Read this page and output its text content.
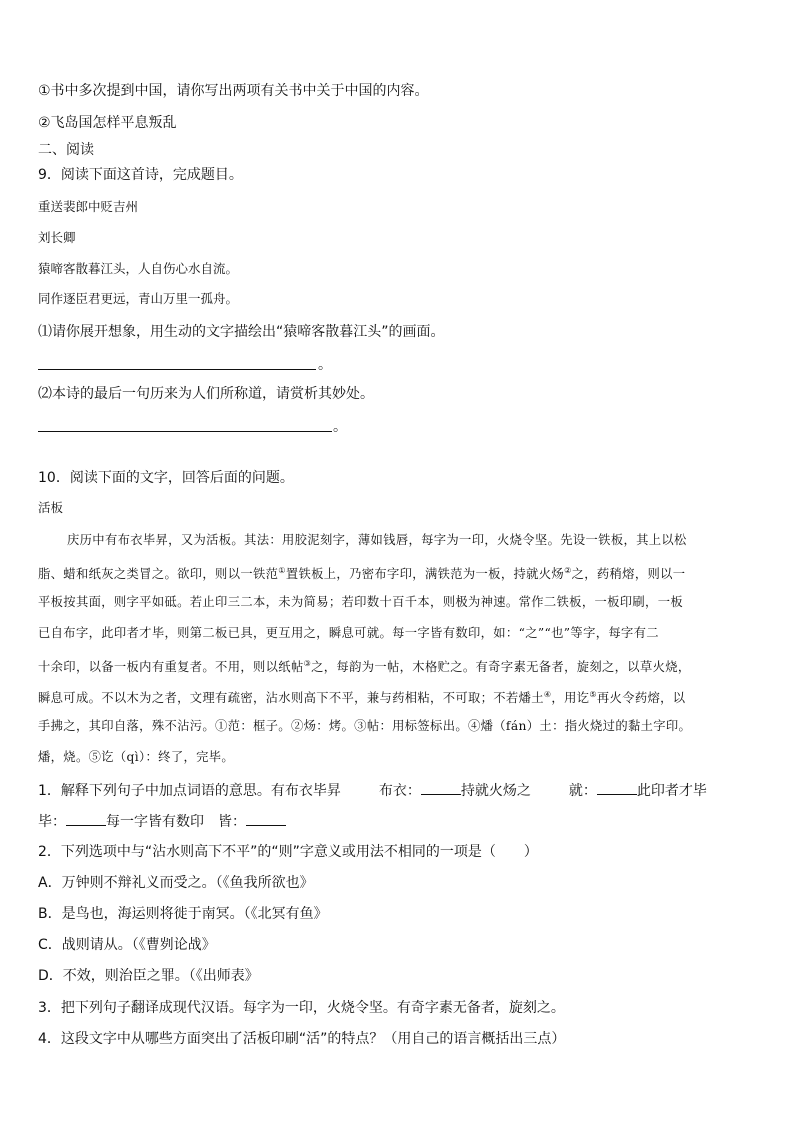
①书中多次提到中国，请你写出两项有关书中关于中国的内容。
②飞岛国怎样平息叛乱
二、阅读
9．阅读下面这首诗，完成题目。
重送裴郎中贬吉州
刘长卿
猿啼客散暮江头，人自伤心水自流。
同作逐臣君更远，青山万里一孤舟。
⑴请你展开想象，用生动的文字描绘出“猿啼客散暮江头”的画面。
。
⑵本诗的最后一句历来为人们所称道，请赏析其妙处。
。
10．阅读下面的文字，回答后面的问题。
活板
庆历中有布衣毕昇，又为活板。其法：用胶泥刻字，薄如钱唇，每字为一印，火烧令坚。先设一铁板，其上以松
脂、蜡和纸灰之类冒之。欲印，则以一铁范①置铁板上，乃密布字印，满铁范为一板，持就火炀②之，药稍熔，则以一
平板按其面，则字平如砥。若止印三二本，未为简易；若印数十百千本，则极为神速。常作二铁板，一板印刷，一板
已自布字，此印者才毕，则第二板已具，更互用之，瞬息可就。每一字皆有数印，如：“之”“也”等字，每字有二
十余印，以备一板内有重复者。不用，则以纸帖③之，每韵为一帖，木格贮之。有奇字素无备者，旋刻之，以草火烧，
瞬息可成。不以木为之者，文理有疏密，沾水则高下不平，兼与药相粘，不可取；不若燔土④，用讫⑤再火令药熔，以
手拂之，其印自落，殊不沾污。①范：框子。②炀：烤。③帖：用标签标出。④燔（fán）土：指火烧过的黏土字印。
燔，烧。⑤讫（qì）：终了，完毕。
1．解释下列句子中加点词语的意思。有布衣毕昇	布衣：	持就火炀之	就：	此印者才毕
毕：	每一字皆有数印 皆：
2．下列选项中与“沾水则高下不平”的“则”字意义或用法不相同的一项是（　　）
A．万钟则不辩礼义而受之。（《鱼我所欲也》
B．是鸟也，海运则将徙于南冥。（《北冥有鱼》
C．战则请从。（《曹刿论战》
D．不效，则治臣之罪。（《出师表》
3．把下列句子翻译成现代汉语。每字为一印，火烧令坚。有奇字素无备者，旋刻之。
4．这段文字中从哪些方面突出了活板印刷“活”的特点？（用自己的语言概括出三点）
